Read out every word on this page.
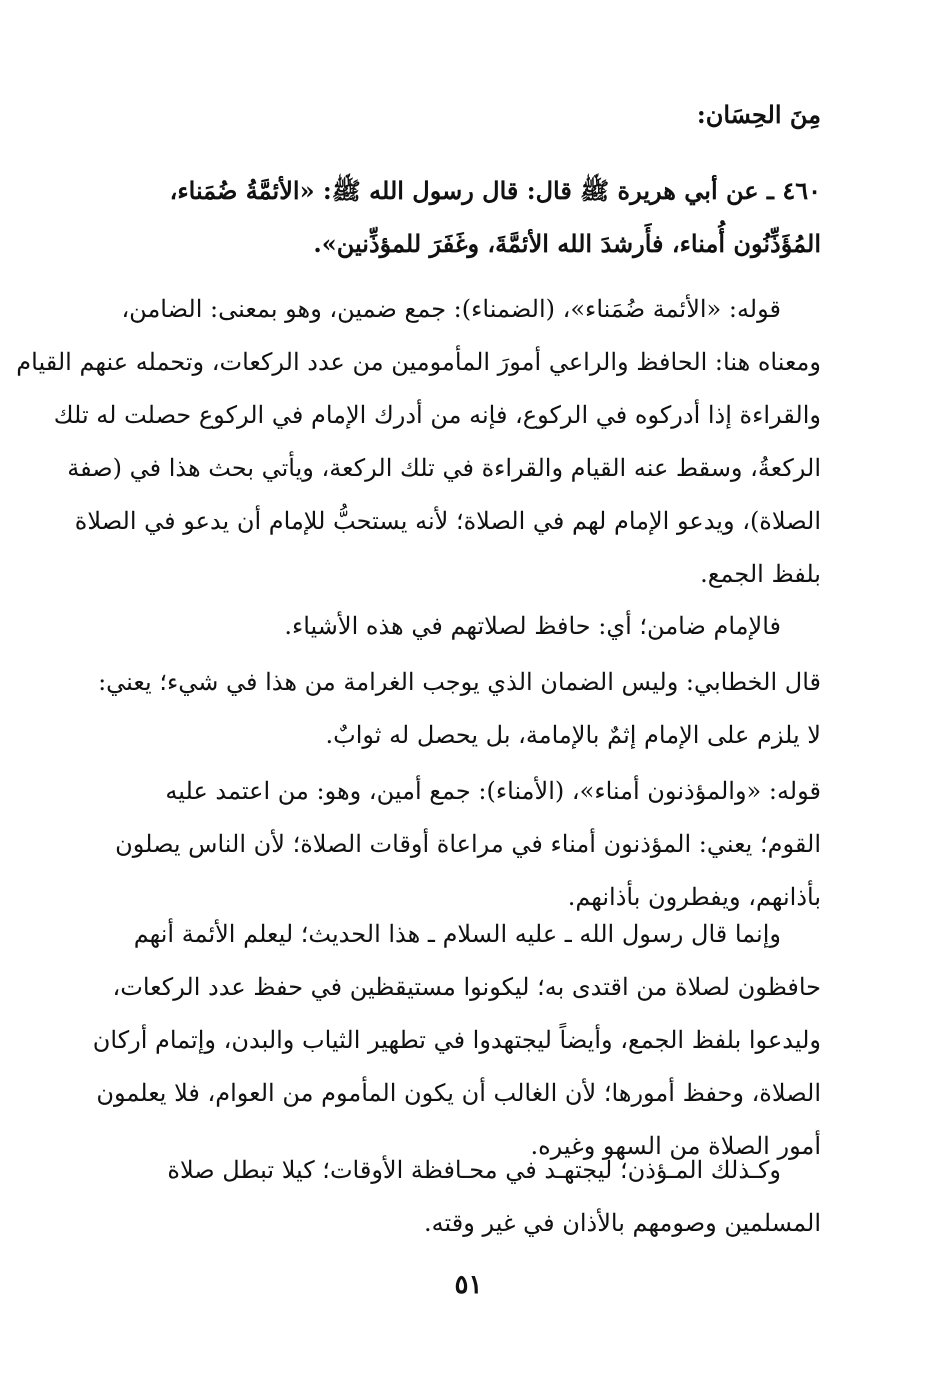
مِنَ الحِسَان:
٤٦٠ ـ عن أبي هريرة ﷺ قال: قال رسول الله ﷺ: «الأئمَّةُ ضُمَناء،
المُؤَذِّنُون أُمناء، فأَرشدَ الله الأئمَّةَ، وغَفَرَ للمؤذِّنين».
قوله: «الأئمة ضُمَناء»، (الضمناء): جمع ضمين، وهو بمعنى: الضامن،
ومعناه هنا: الحافظ والراعي أمورَ المأمومين من عدد الركعات، وتحمله عنهم القيام
والقراءة إذا أدركوه في الركوع، فإنه من أدرك الإمام في الركوع حصلت له تلك
الركعةُ، وسقط عنه القيام والقراءة في تلك الركعة، ويأتي بحث هذا في (صفة
الصلاة)، ويدعو الإمام لهم في الصلاة؛ لأنه يستحبُّ للإمام أن يدعو في الصلاة
بلفظ الجمع.
فالإمام ضامن؛ أي: حافظ لصلاتهم في هذه الأشياء.
قال الخطابي: وليس الضمان الذي يوجب الغرامة من هذا في شيء؛ يعني:
لا يلزم على الإمام إثمٌ بالإمامة، بل يحصل له ثوابٌ.
قوله: «والمؤذنون أمناء»، (الأمناء): جمع أمين، وهو: من اعتمد عليه
القوم؛ يعني: المؤذنون أمناء في مراعاة أوقات الصلاة؛ لأن الناس يصلون
بأذانهم، ويفطرون بأذانهم.
وإنما قال رسول الله ـ عليه السلام ـ هذا الحديث؛ ليعلم الأئمة أنهم
حافظون لصلاة من اقتدى به؛ ليكونوا مستيقظين في حفظ عدد الركعات،
وليدعوا بلفظ الجمع، وأيضاً ليجتهدوا في تطهير الثياب والبدن، وإتمام أركان
الصلاة، وحفظ أمورها؛ لأن الغالب أن يكون المأموم من العوام، فلا يعلمون
أمور الصلاة من السهو وغيره.
وكـذلك المـؤذن؛ ليجتهـد في محـافظة الأوقات؛ كيلا تبطل صلاة
المسلمين وصومهم بالأذان في غير وقته.
٥١
